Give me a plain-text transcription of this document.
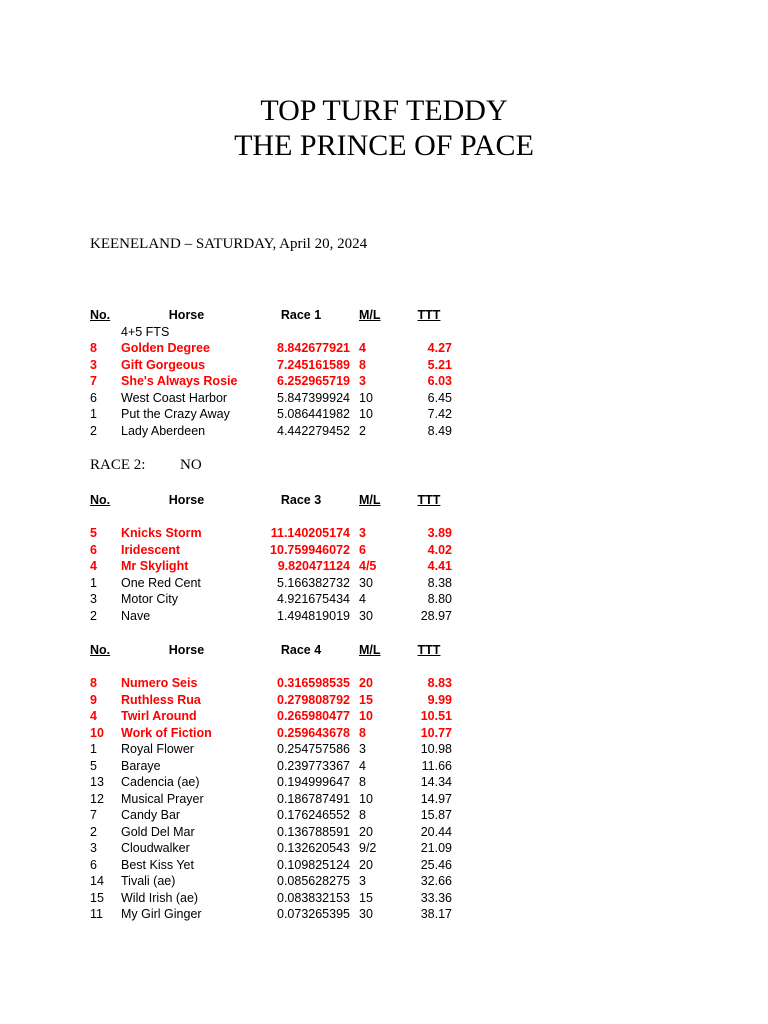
TOP TURF TEDDY
THE PRINCE OF PACE
KEENELAND – SATURDAY, April 20, 2024
No.	Horse	Race 1	M/L	TTT
4+5 FTS
8 Golden Degree	8.842677921 4	4.27
3 Gift Gorgeous	7.245161589 8	5.21
7 She's Always Rosie	6.252965719 3	6.03
6 West Coast Harbor	5.847399924 10	6.45
1 Put the Crazy Away	5.086441982 10	7.42
2 Lady Aberdeen	4.442279452 2	8.49
RACE 2: NO
No.	Horse	Race 3	M/L	TTT
5 Knicks Storm	11.140205174 3	3.89
6 Iridescent	10.759946072 6	4.02
4 Mr Skylight	9.820471124 4/5	4.41
1 One Red Cent	5.166382732 30	8.38
3 Motor City	4.921675434 4	8.80
2 Nave	1.494819019 30	28.97
No.	Horse	Race 4	M/L	TTT
8 Numero Seis	0.316598535 20	8.83
9 Ruthless Rua	0.279808792 15	9.99
4 Twirl Around	0.265980477 10	10.51
10 Work of Fiction	0.259643678 8	10.77
1 Royal Flower	0.254757586 3	10.98
5 Baraye	0.239773367 4	11.66
13 Cadencia (ae)	0.194999647 8	14.34
12 Musical Prayer	0.186787491 10	14.97
7 Candy Bar	0.176246552 8	15.87
2 Gold Del Mar	0.136788591 20	20.44
3 Cloudwalker	0.132620543 9/2	21.09
6 Best Kiss Yet	0.109825124 20	25.46
14 Tivali (ae)	0.085628275 3	32.66
15 Wild Irish (ae)	0.083832153 15	33.36
11 My Girl Ginger	0.073265395 30	38.17
